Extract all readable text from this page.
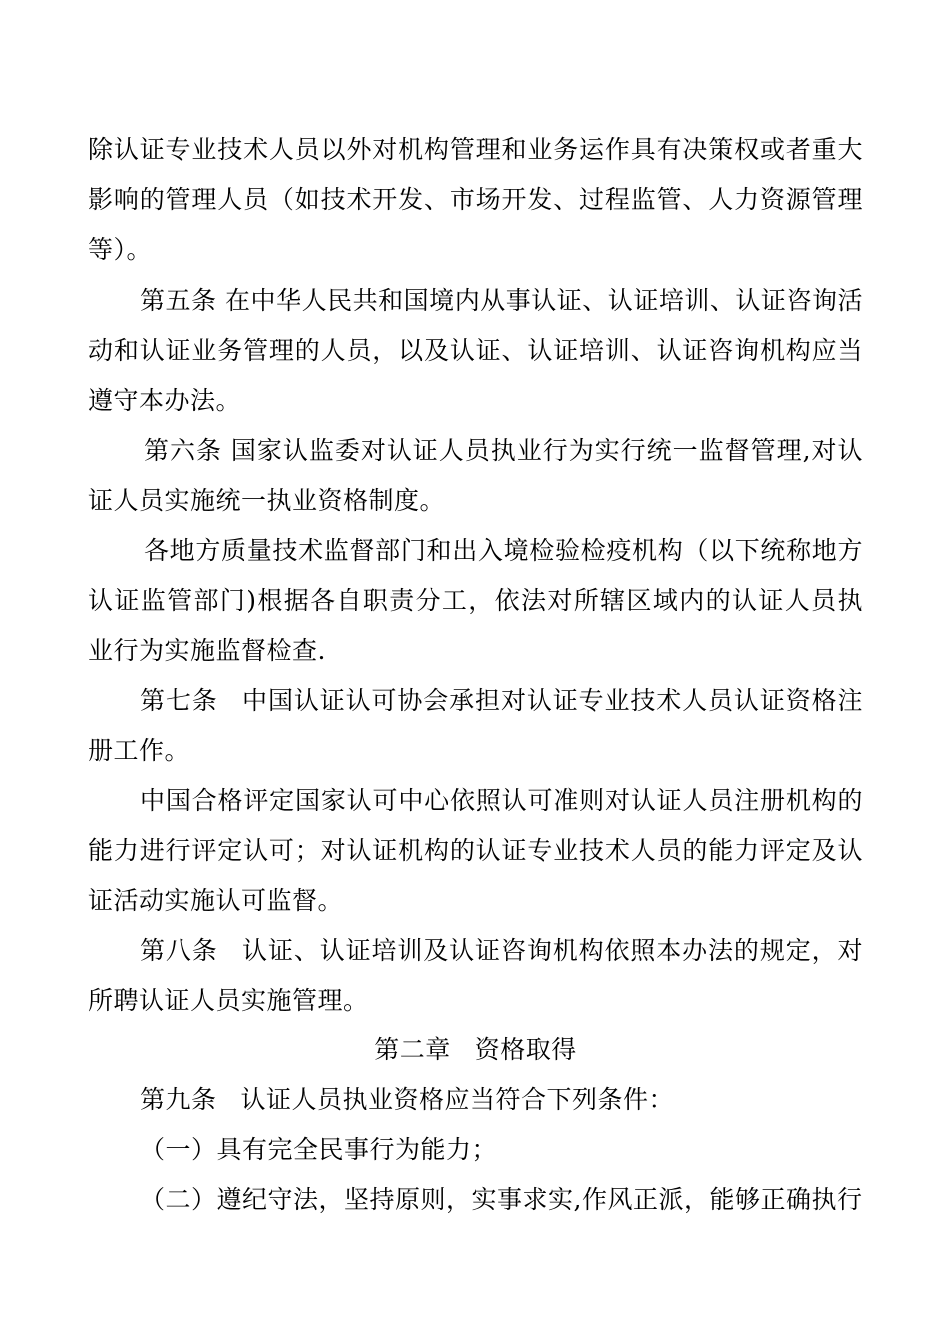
除认证专业技术人员以外对机构管理和业务运作具有决策权或者重大影响的管理人员（如技术开发、市场开发、过程监管、人力资源管理等）。

第五条 在中华人民共和国境内从事认证、认证培训、认证咨询活动和认证业务管理的人员，以及认证、认证培训、认证咨询机构应当遵守本办法。

第六条 国家认监委对认证人员执业行为实行统一监督管理,对认证人员实施统一执业资格制度。

各地方质量技术监督部门和出入境检验检疫机构（以下统称地方认证监管部门)根据各自职责分工，依法对所辖区域内的认证人员执业行为实施监督检查.

第七条 中国认证认可协会承担对认证专业技术人员认证资格注册工作。

中国合格评定国家认可中心依照认可准则对认证人员注册机构的能力进行评定认可；对认证机构的认证专业技术人员的能力评定及认证活动实施认可监督。

第八条 认证、认证培训及认证咨询机构依照本办法的规定，对所聘认证人员实施管理。

第二章 资格取得

第九条 认证人员执业资格应当符合下列条件：

（一）具有完全民事行为能力；

（二）遵纪守法，坚持原则，实事求实,作风正派，能够正确执行
